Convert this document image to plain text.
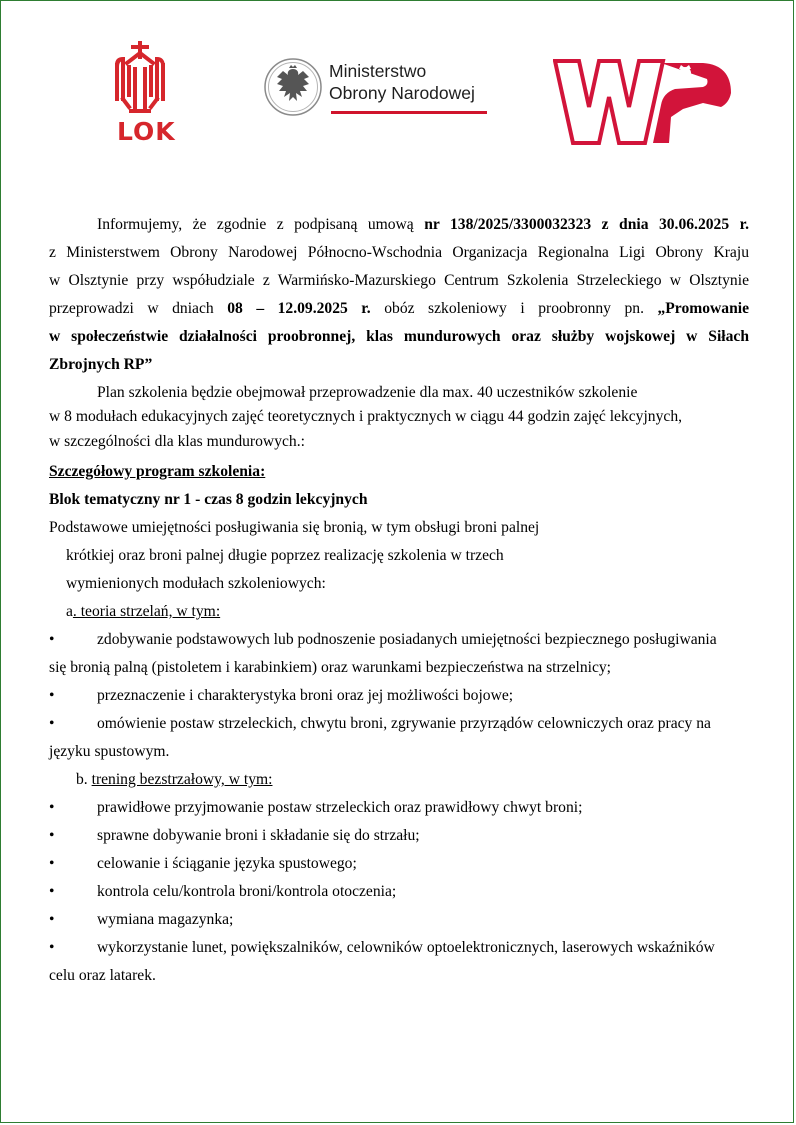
LOK
Ministerstwo
Obrony Narodowej
WOJSKO
POLSKIE
Informujemy, że zgodnie z podpisaną umową nr 138/2025/3300032323 z dnia 30.06.2025 r.
z Ministerstwem Obrony Narodowej Północno-Wschodnia Organizacja Regionalna Ligi Obrony Kraju
w Olsztynie przy współudziale z Warmińsko-Mazurskiego Centrum Szkolenia Strzeleckiego w Olsztynie
przeprowadzi w dniach 08 – 12.09.2025 r. obóz szkoleniowy i proobronny pn. „Promowanie
w społeczeństwie działalności proobronnej, klas mundurowych oraz służby wojskowej w Siłach
Zbrojnych RP”
Plan szkolenia będzie obejmował przeprowadzenie dla max. 40 uczestników szkolenie
w 8 modułach edukacyjnych zajęć teoretycznych i praktycznych w ciągu 44 godzin zajęć lekcyjnych,
w szczególności dla klas mundurowych.:
Szczegółowy program szkolenia:
Blok tematyczny nr 1 - czas 8 godzin lekcyjnych
Podstawowe umiejętności posługiwania się bronią, w tym obsługi broni palnej
krótkiej oraz broni palnej długie poprzez realizację szkolenia w trzech
wymienionych modułach szkoleniowych:
a. teoria strzelań, w tym:
•	zdobywanie podstawowych lub podnoszenie posiadanych umiejętności bezpiecznego posługiwania
się bronią palną (pistoletem i karabinkiem) oraz warunkami bezpieczeństwa na strzelnicy;
•	przeznaczenie i charakterystyka broni oraz jej możliwości bojowe;
•	omówienie postaw strzeleckich, chwytu broni, zgrywanie przyrządów celowniczych oraz pracy na
języku spustowym.
b. trening bezstrzałowy, w tym:
•	prawidłowe przyjmowanie postaw strzeleckich oraz prawidłowy chwyt broni;
•	sprawne dobywanie broni i składanie się do strzału;
•	celowanie i ściąganie języka spustowego;
•	kontrola celu/kontrola broni/kontrola otoczenia;
•	wymiana magazynka;
•	wykorzystanie lunet, powiększalników, celowników optoelektronicznych, laserowych wskaźników
celu oraz latarek.
